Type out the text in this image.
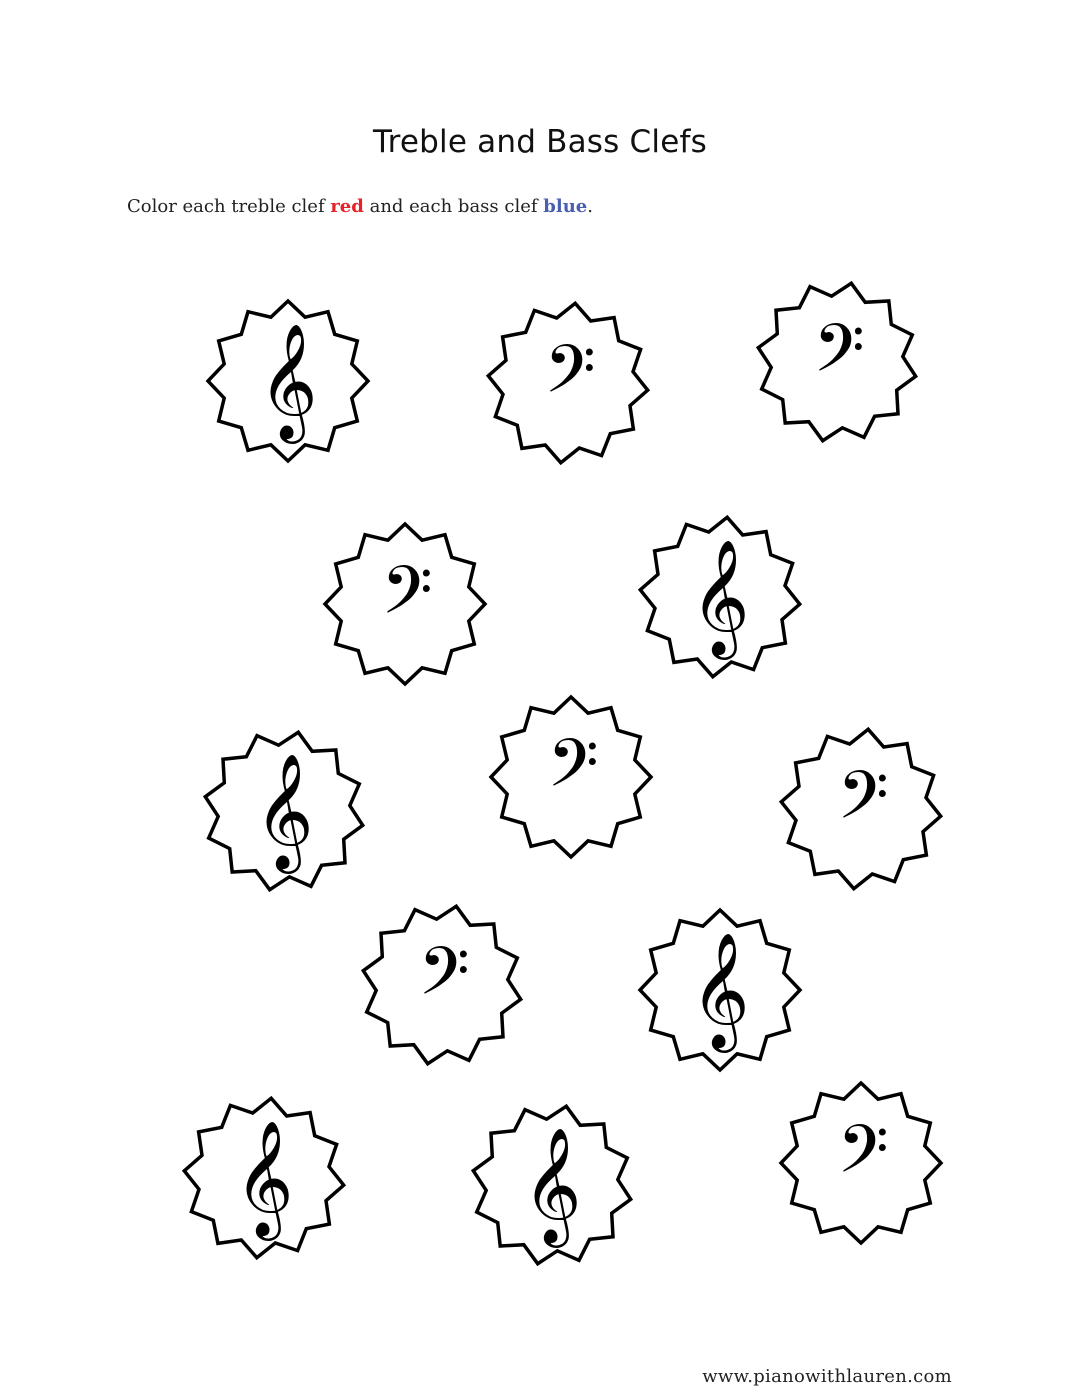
Treble and Bass Clefs
Color each treble clef red and each bass clef blue.
𝄞	𝄢	𝄢
𝄢	𝄞
𝄞	𝄢	𝄢
𝄢 𝄞
𝄞 𝄞	𝄢
www.pianowithlauren.com
